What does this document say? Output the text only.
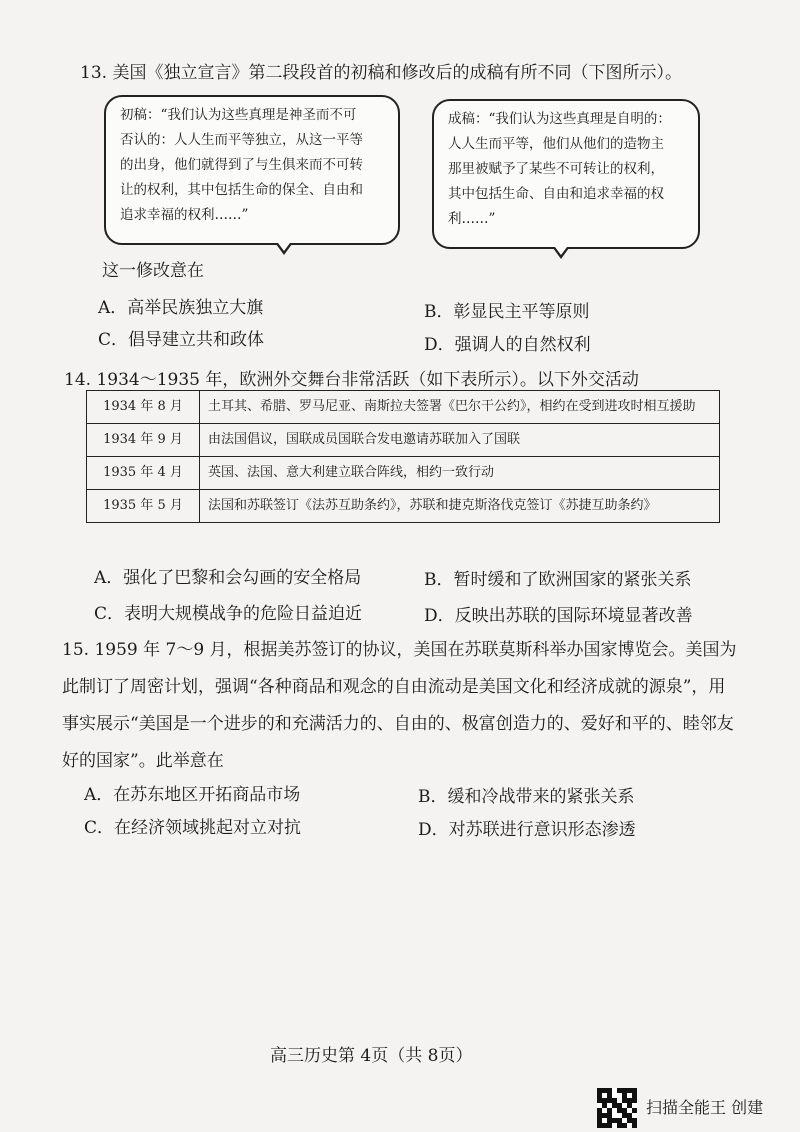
13. 美国《独立宣言》第二段段首的初稿和修改后的成稿有所不同（下图所示）。
初稿：“我们认为这些真理是神圣而不可
否认的：人人生而平等独立，从这一平等
的出身，他们就得到了与生俱来而不可转
让的权利，其中包括生命的保全、自由和
追求幸福的权利……”
成稿：“我们认为这些真理是自明的：
人人生而平等，他们从他们的造物主
那里被赋予了某些不可转让的权利，
其中包括生命、自由和追求幸福的权
利……”
这一修改意在
A．高举民族独立大旗	B．彰显民主平等原则
C．倡导建立共和政体	D．强调人的自然权利
14. 1934～1935 年，欧洲外交舞台非常活跃（如下表所示）。以下外交活动
1934 年 8 月	土耳其、希腊、罗马尼亚、南斯拉夫签署《巴尔干公约》，相约在受到进攻时相互援助
1934 年 9 月	由法国倡议，国联成员国联合发电邀请苏联加入了国联
1935 年 4 月	英国、法国、意大利建立联合阵线，相约一致行动
1935 年 5 月	法国和苏联签订《法苏互助条约》，苏联和捷克斯洛伐克签订《苏捷互助条约》
A．强化了巴黎和会勾画的安全格局	B．暂时缓和了欧洲国家的紧张关系
C．表明大规模战争的危险日益迫近	D．反映出苏联的国际环境显著改善
15. 1959 年 7～9 月，根据美苏签订的协议，美国在苏联莫斯科举办国家博览会。美国为此制订了周密计划，强调“各种商品和观念的自由流动是美国文化和经济成就的源泉”，用事实展示“美国是一个进步的和充满活力的、自由的、极富创造力的、爱好和平的、睦邻友好的国家”。此举意在
A．在苏东地区开拓商品市场	B．缓和冷战带来的紧张关系
C．在经济领域挑起对立对抗	D．对苏联进行意识形态渗透
高三历史第 4页（共 8页）
扫描全能王 创建
